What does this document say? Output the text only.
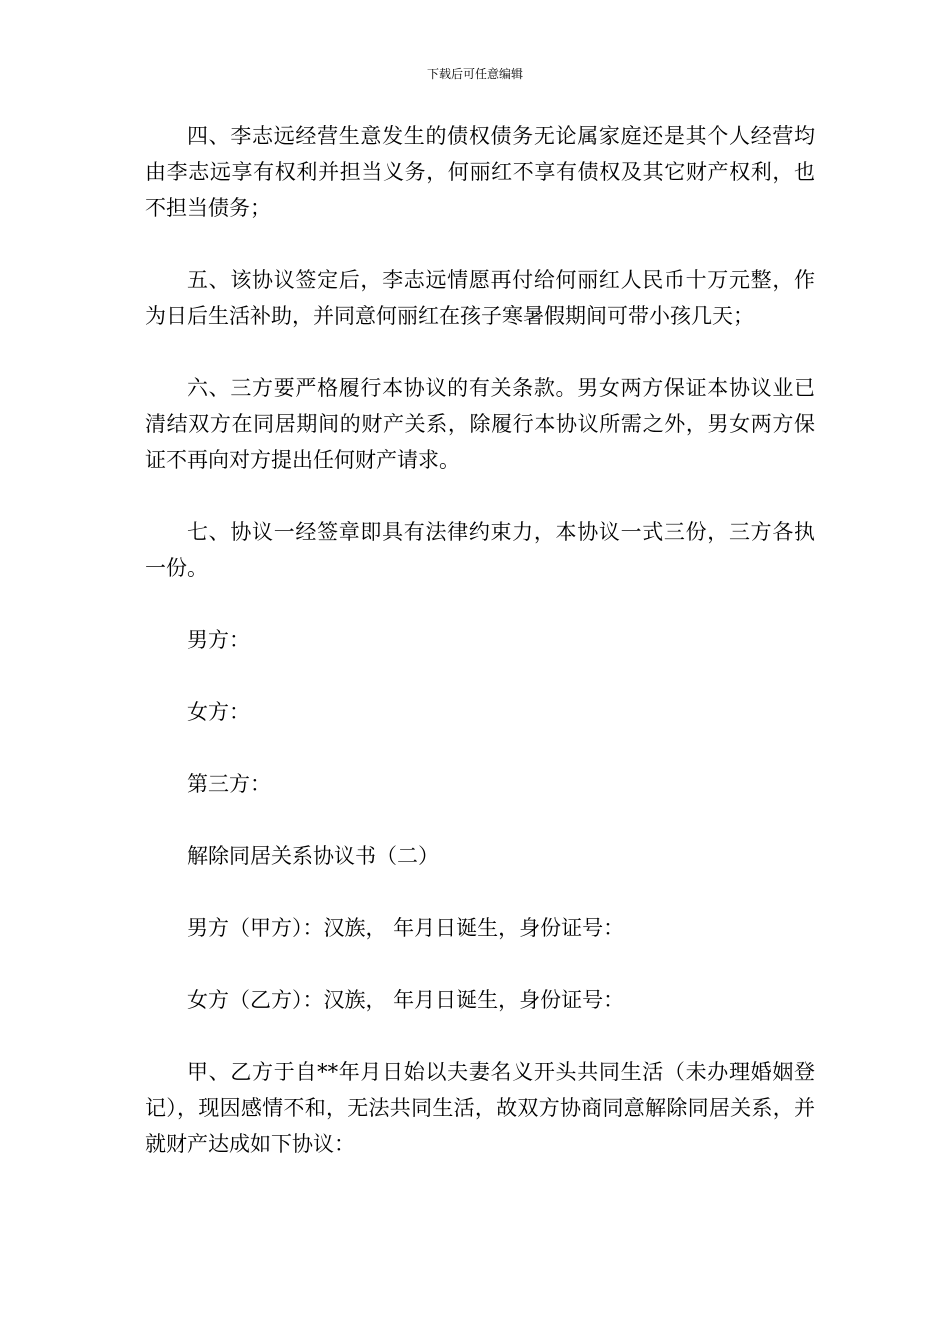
下载后可任意编辑

四、李志远经营生意发生的债权债务无论属家庭还是其个人经营均由李志远享有权利并担当义务，何丽红不享有债权及其它财产权利，也不担当债务；

五、该协议签定后，李志远情愿再付给何丽红人民币十万元整，作为日后生活补助，并同意何丽红在孩子寒暑假期间可带小孩几天；

六、三方要严格履行本协议的有关条款。男女两方保证本协议业已清结双方在同居期间的财产关系，除履行本协议所需之外，男女两方保证不再向对方提出任何财产请求。

七、协议一经签章即具有法律约束力，本协议一式三份，三方各执一份。

男方：

女方：

第三方：

解除同居关系协议书（二）

男方（甲方）：汉族， 年月日诞生，身份证号：

女方（乙方）：汉族， 年月日诞生，身份证号：

甲、乙方于自**年月日始以夫妻名义开头共同生活（未办理婚姻登记），现因感情不和，无法共同生活，故双方协商同意解除同居关系，并就财产达成如下协议：
